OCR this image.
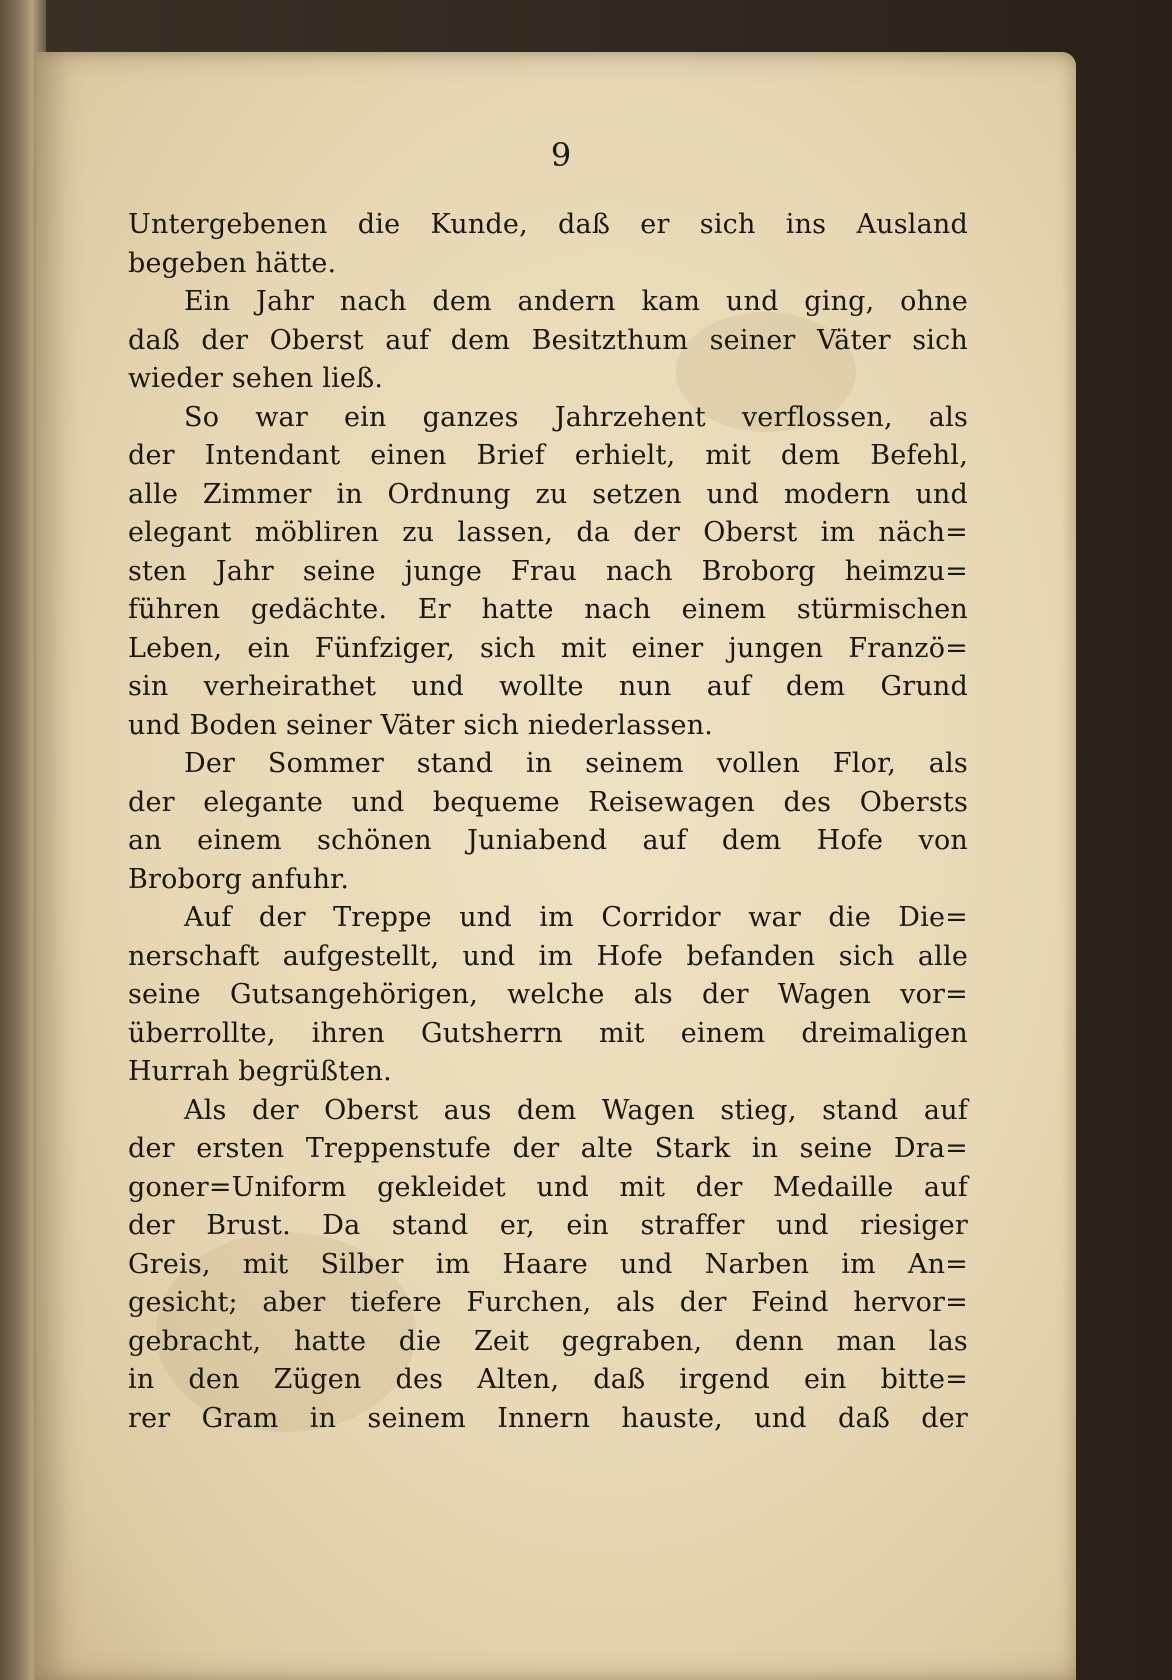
9
Untergebenen die Kunde, daß er sich ins Ausland
begeben hätte.
Ein Jahr nach dem andern kam und ging, ohne
daß der Oberst auf dem Besitzthum seiner Väter sich
wieder sehen ließ.
So war ein ganzes Jahrzehent verflossen, als
der Intendant einen Brief erhielt, mit dem Befehl,
alle Zimmer in Ordnung zu setzen und modern und
elegant möbliren zu lassen, da der Oberst im näch=
sten Jahr seine junge Frau nach Broborg heimzu=
führen gedächte. Er hatte nach einem stürmischen
Leben, ein Fünfziger, sich mit einer jungen Franzö=
sin verheirathet und wollte nun auf dem Grund
und Boden seiner Väter sich niederlassen.
Der Sommer stand in seinem vollen Flor, als
der elegante und bequeme Reisewagen des Obersts
an einem schönen Juniabend auf dem Hofe von
Broborg anfuhr.
Auf der Treppe und im Corridor war die Die=
nerschaft aufgestellt, und im Hofe befanden sich alle
seine Gutsangehörigen, welche als der Wagen vor=
überrollte, ihren Gutsherrn mit einem dreimaligen
Hurrah begrüßten.
Als der Oberst aus dem Wagen stieg, stand auf
der ersten Treppenstufe der alte Stark in seine Dra=
goner=Uniform gekleidet und mit der Medaille auf
der Brust. Da stand er, ein straffer und riesiger
Greis, mit Silber im Haare und Narben im An=
gesicht; aber tiefere Furchen, als der Feind hervor=
gebracht, hatte die Zeit gegraben, denn man las
in den Zügen des Alten, daß irgend ein bitte=
rer Gram in seinem Innern hauste, und daß der
